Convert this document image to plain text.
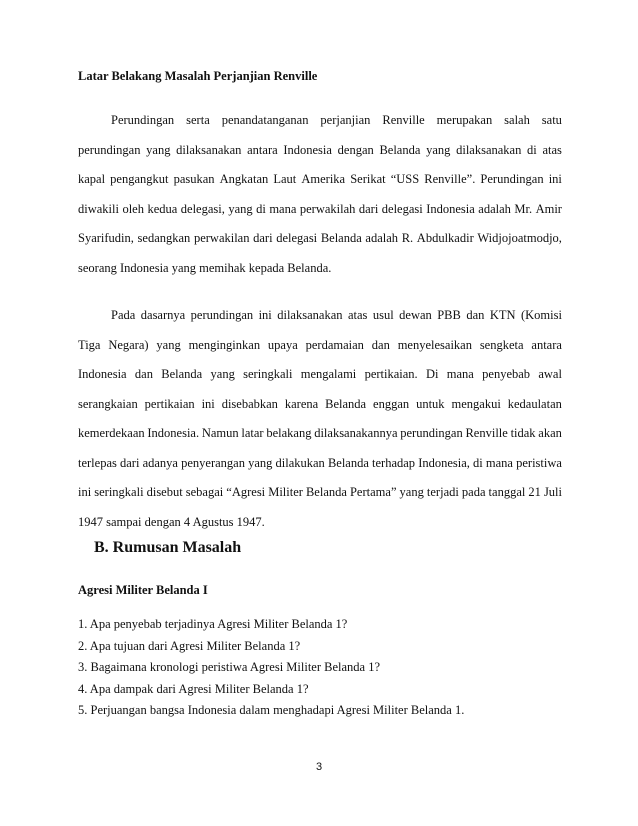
Latar Belakang Masalah Perjanjian Renville
Perundingan serta penandatanganan perjanjian Renville merupakan salah satu
perundingan yang dilaksanakan antara Indonesia dengan Belanda yang dilaksanakan di atas
kapal pengangkut pasukan Angkatan Laut Amerika Serikat “USS Renville”. Perundingan ini
diwakili oleh kedua delegasi, yang di mana perwakilah dari delegasi Indonesia adalah Mr. Amir
Syarifudin, sedangkan perwakilan dari delegasi Belanda adalah R. Abdulkadir Widjojoatmodjo,
seorang Indonesia yang memihak kepada Belanda.
Pada dasarnya perundingan ini dilaksanakan atas usul dewan PBB dan KTN (Komisi
Tiga Negara) yang menginginkan upaya perdamaian dan menyelesaikan sengketa antara
Indonesia dan Belanda yang seringkali mengalami pertikaian. Di mana penyebab awal
serangkaian pertikaian ini disebabkan karena Belanda enggan untuk mengakui kedaulatan
kemerdekaan Indonesia. Namun latar belakang dilaksanakannya perundingan Renville tidak akan
terlepas dari adanya penyerangan yang dilakukan Belanda terhadap Indonesia, di mana peristiwa
ini seringkali disebut sebagai “Agresi Militer Belanda Pertama” yang terjadi pada tanggal 21 Juli
1947 sampai dengan 4 Agustus 1947.
B. Rumusan Masalah
Agresi Militer Belanda I
1. Apa penyebab terjadinya Agresi Militer Belanda 1?
2. Apa tujuan dari Agresi Militer Belanda 1?
3. Bagaimana kronologi peristiwa Agresi Militer Belanda 1?
4. Apa dampak dari Agresi Militer Belanda 1?
5. Perjuangan bangsa Indonesia dalam menghadapi Agresi Militer Belanda 1.
3
